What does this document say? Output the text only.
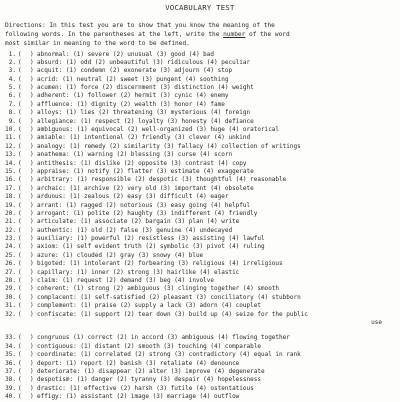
VOCABULARY TEST
Directions: In this test you are to show that you know the meaning of the
following words. In the parentheses at the left, write the number of the word
most similar in meaning to the word to be defined.
1. ( ) abnormal: (1) severe (2) unusual (3) good (4) bad
2. ( ) absurd: (1) odd (2) unbeautiful (3) ridiculous (4) peculiar
3. ( ) acquit: (1) condemn (2) exonerate (3) adjourn (4) stop
4. ( ) acrid: (1) neutral (2) sweet (3) pungent (4) soothing
5. ( ) acumen: (1) force (2) discernment (3) distinction (4) weight
6. ( ) adherent: (1) follower (2) hermit (3) cynic (4) enemy
7. ( ) affluence: (1) dignity (2) wealth (3) honor (4) fame
8. ( ) alloys: (1) lies (2) threatening (3) mysterious (4) foreign
9. ( ) allegiance: (1) respect (2) loyalty (3) honesty (4) defiance
10. ( ) ambiguous: (1) equivocal (2) well-organized (3) huge (4) oratorical
11. ( ) amiable: (1) intentional (2) friendly (3) clever (4) unkind
12. ( ) analogy: (1) remedy (2) similarity (3) fallacy (4) collection of writings
13. ( ) anathema: (1) warning (2) blessing (3) curse (4) scorn
14. ( ) antithesis: (1) dislike (2) opposite (3) contrast (4) copy
15. ( ) appraise: (1) notify (2) flatter (3) estimate (4) exaggerate
16. ( ) arbitrary: (1) responsible (2) despotic (3) thoughtful (4) reasonable
17. ( ) archaic: (1) archive (2) very old (3) important (4) obsolete
18. ( ) arduous: (1) zealous (2) easy (3) difficult (4) eager
19. ( ) arrant: (1) ragged (2) notorious (3) easy going (4) helpful
20. ( ) arrogant: (1) polite (2) haughty (3) indifferent (4) friendly
21. ( ) articulate: (1) associate (2) bargain (3) plan (4) write
22. ( ) authentic: (1) old (2) false (3) genuine (4) undecayed
23. ( ) auxiliary: (1) powerful (2) resistless (3) assisting (4) lawful
24. ( ) axiom: (1) self evident truth (2) symbolic (3) pivot (4) ruling
25. ( ) azure: (1) clouded (2) gray (3) snowy (4) blue
26. ( ) bigoted: (1) intolerant (2) forbearing (3) religious (4) irreligious
27. ( ) capillary: (1) inner (2) strong (3) hairlike (4) elastic
28. ( ) claim: (1) request (2) demand (3) beg (4) involve
29. ( ) coherent: (1) strong (2) ambiguous (3) clinging together (4) smooth
30. ( ) complacent: (1) self-satisfied (2) pleasant (3) conciliatory (4) stubborn
31. ( ) complement: (1) praise (2) supply a lack (3) adorn (4) couplet
32. ( ) confiscate: (1) support (2) tear down (3) build up (4) seize for the public
use
33. ( ) congruous (1) correct (2) in accord (3) ambiguous (4) flowing together
34. ( ) contiguous: (1) distant (2) smooth (3) touching (4) comparable
35. ( ) coordinate: (1) correlated (2) strong (3) contradictory (4) equal in rank
36. ( ) deport: (1) report (2) banish (3) retaliate (4) denounce
37. ( ) deteriorate: (1) disappear (2) alter (3) improve (4) degenerate
38. ( ) despotism: (1) danger (2) tyranny (3) despair (4) hopelessness
39. ( ) drastic: (1) effective (2) harsh (3) futile (4) ostentatious
40. ( ) effigy: (1) assistant (2) image (3) marriage (4) outflow
